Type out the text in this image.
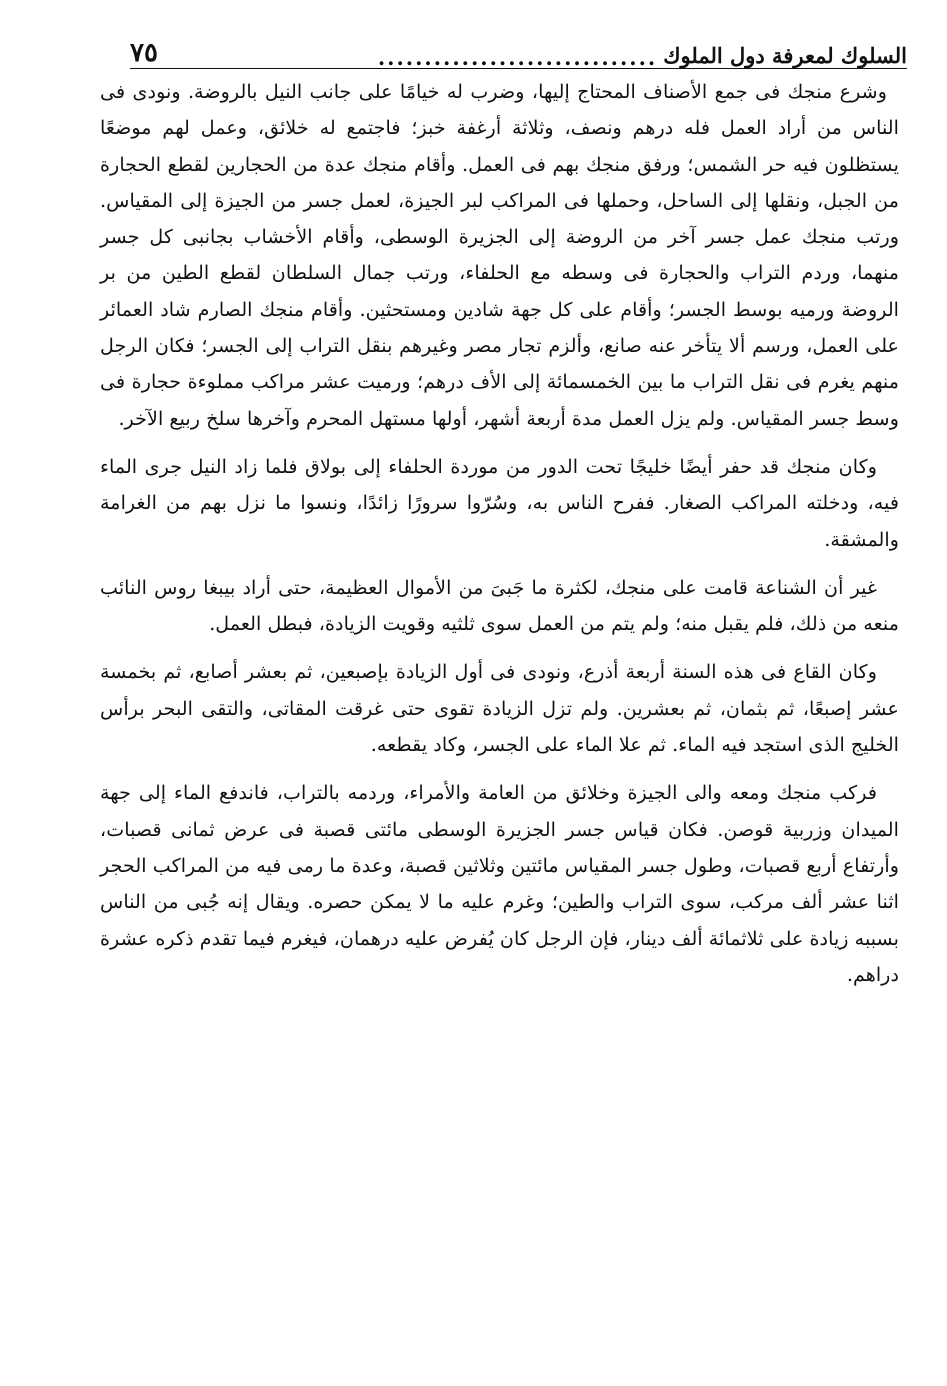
السلوك لمعرفة دول الملوك
..............................
٧٥

وشرع منجك فى جمع الأصناف المحتاج إليها، وضرب له خيامًا على جانب النيل بالروضة. ونودى فى الناس من أراد العمل فله درهم ونصف، وثلاثة أرغفة خبز؛ فاجتمع له خلائق، وعمل لهم موضعًا يستظلون فيه حر الشمس؛ ورفق منجك بهم فى العمل. وأقام منجك عدة من الحجارين لقطع الحجارة من الجبل، ونقلها إلى الساحل، وحملها فى المراكب لبر الجيزة، لعمل جسر من الجيزة إلى المقياس. ورتب منجك عمل جسر آخر من الروضة إلى الجزيرة الوسطى، وأقام الأخشاب بجانبى كل جسر منهما، وردم التراب والحجارة فى وسطه مع الحلفاء، ورتب جمال السلطان لقطع الطين من بر الروضة ورميه بوسط الجسر؛ وأقام على كل جهة شادين ومستحثين. وأقام منجك الصارم شاد العمائر على العمل، ورسم ألا يتأخر عنه صانع، وألزم تجار مصر وغيرهم بنقل التراب إلى الجسر؛ فكان الرجل منهم يغرم فى نقل التراب ما بين الخمسمائة إلى الأف درهم؛ ورميت عشر مراكب مملوءة حجارة فى وسط جسر المقياس. ولم يزل العمل مدة أربعة أشهر، أولها مستهل المحرم وآخرها سلخ ربيع الآخر.

وكان منجك قد حفر أيضًا خليجًا تحت الدور من موردة الحلفاء إلى بولاق فلما زاد النيل جرى الماء فيه، ودخلته المراكب الصغار. ففرح الناس به، وسُرّوا سرورًا زائدًا، ونسوا ما نزل بهم من الغرامة والمشقة.

غير أن الشناعة قامت على منجك، لكثرة ما جَبىَ من الأموال العظيمة، حتى أراد بيبغا روس النائب منعه من ذلك، فلم يقبل منه؛ ولم يتم من العمل سوى ثلثيه وقويت الزيادة، فبطل العمل.

وكان القاع فى هذه السنة أربعة أذرع، ونودى فى أول الزيادة بإصبعين، ثم بعشر أصابع، ثم بخمسة عشر إصبعًا، ثم بثمان، ثم بعشرين. ولم تزل الزيادة تقوى حتى غرقت المقاتى، والتقى البحر برأس الخليج الذى استجد فيه الماء. ثم علا الماء على الجسر، وكاد يقطعه.

فركب منجك ومعه والى الجيزة وخلائق من العامة والأمراء، وردمه بالتراب، فاندفع الماء إلى جهة الميدان وزربية قوصن. فكان قياس جسر الجزيرة الوسطى مائتى قصبة فى عرض ثمانى قصبات، وأرتفاع أربع قصبات، وطول جسر المقياس مائتين وثلاثين قصبة، وعدة ما رمى فيه من المراكب الحجر اثنا عشر ألف مركب، سوى التراب والطين؛ وغرم عليه ما لا يمكن حصره. ويقال إنه جُبى من الناس بسببه زيادة على ثلاثمائة ألف دينار، فإن الرجل كان يُفرض عليه درهمان، فيغرم فيما تقدم ذكره عشرة دراهم.
